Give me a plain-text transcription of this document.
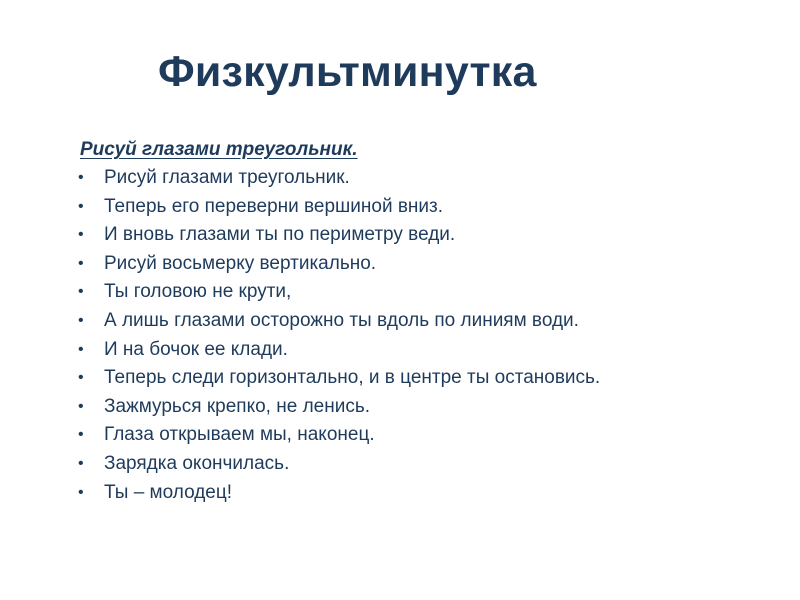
Физкультминутка
Рисуй глазами треугольник.
• Рисуй глазами треугольник.
• Теперь его переверни вершиной вниз.
• И вновь глазами ты по периметру веди.
• Рисуй восьмерку вертикально.
• Ты головою не крути,
• А лишь глазами осторожно ты вдоль по линиям води.
• И на бочок ее клади.
• Теперь следи горизонтально, и в центре ты остановись.
• Зажмурься крепко, не ленись.
• Глаза открываем мы, наконец.
• Зарядка окончилась.
• Ты – молодец!
